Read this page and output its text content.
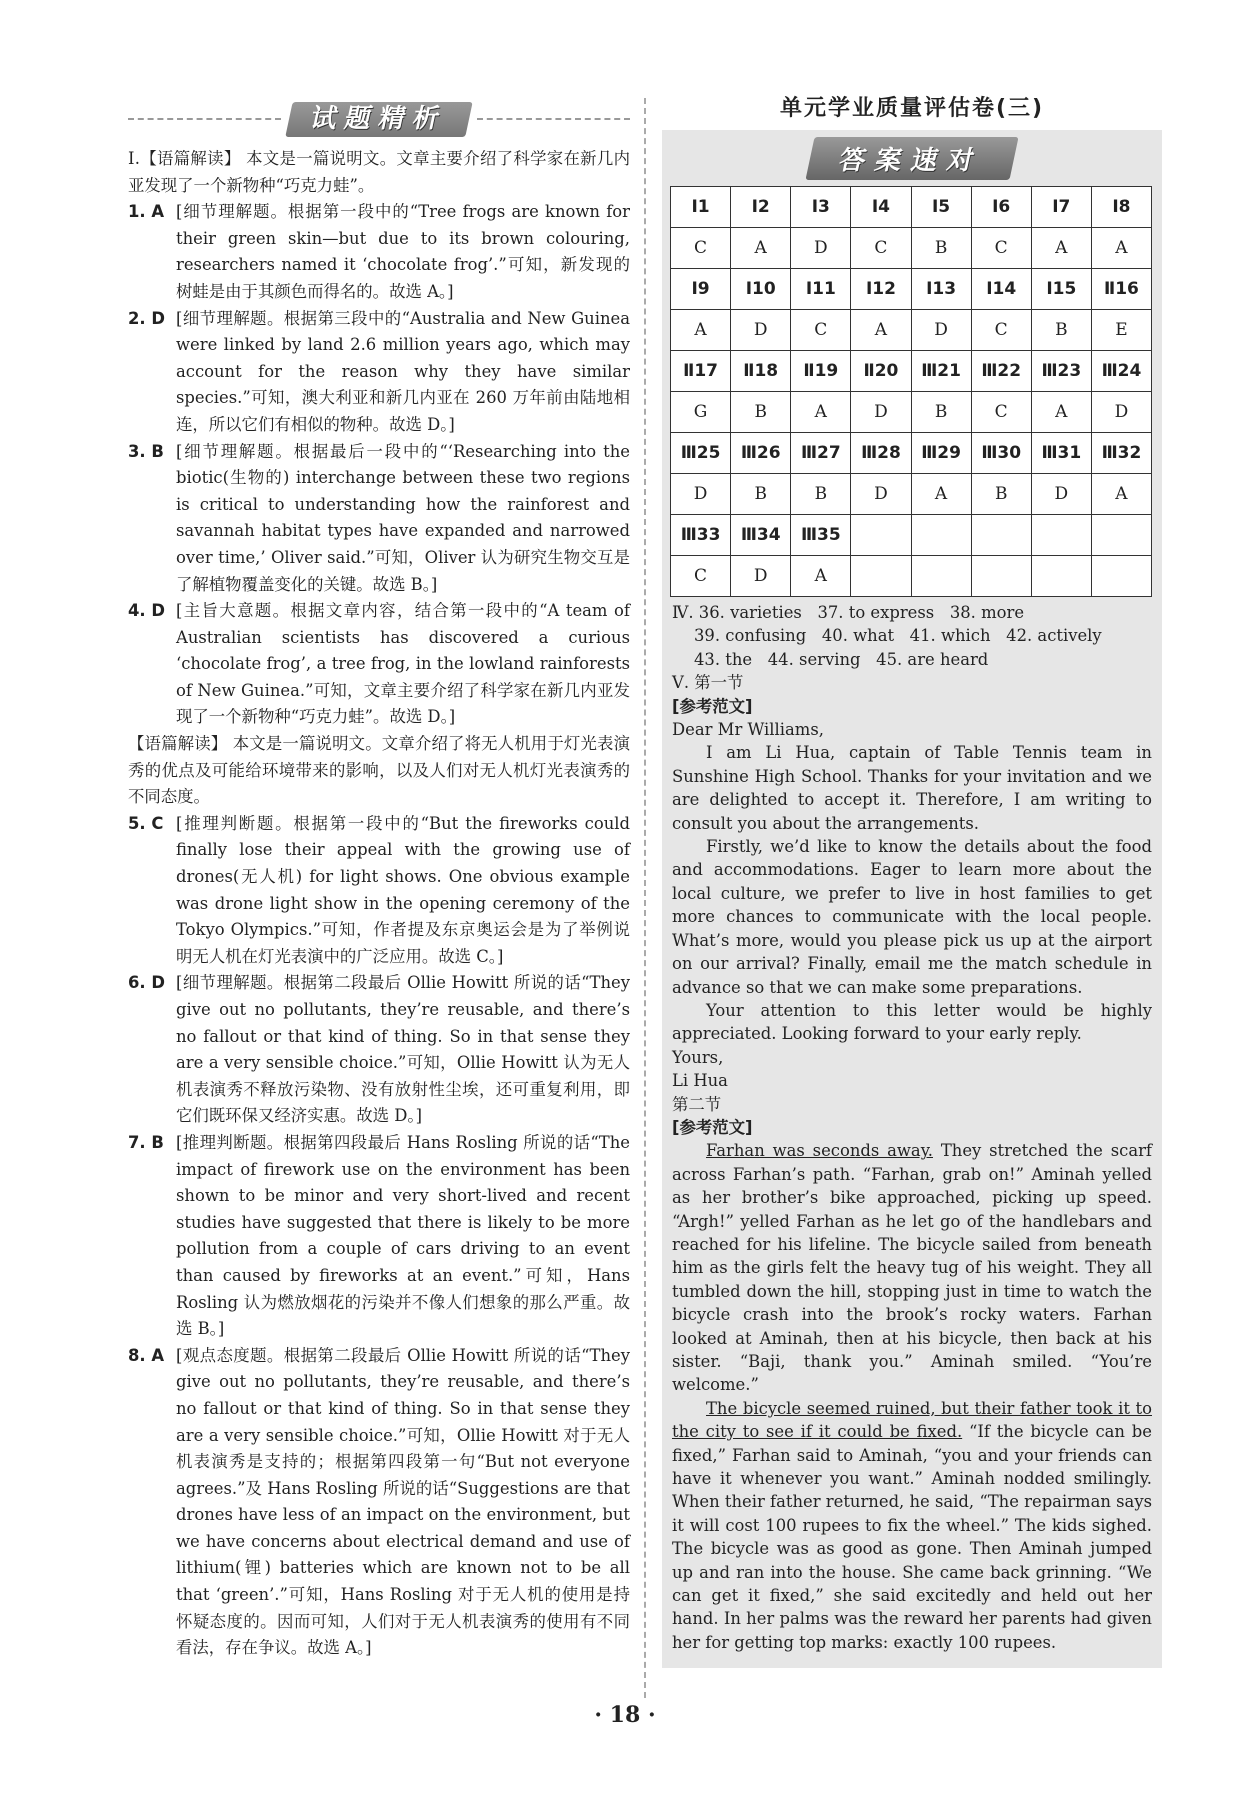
试题精析

Ⅰ.【语篇解读】 本文是一篇说明文。文章主要介绍了科学家在新几内亚发现了一个新物种“巧克力蛙”。

1. A [细节理解题。根据第一段中的“Tree frogs are known for their green skin—but due to its brown colouring, researchers named it ‘chocolate frog’.”可知，新发现的树蛙是由于其颜色而得名的。故选 A。]
2. D [细节理解题。根据第三段中的“Australia and New Guinea were linked by land 2.6 million years ago, which may account for the reason why they have similar species.”可知，澳大利亚和新几内亚在 260 万年前由陆地相连，所以它们有相似的物种。故选 D。]
3. B [细节理解题。根据最后一段中的“‘Researching into the biotic(生物的) interchange between these two regions is critical to understanding how the rainforest and savannah habitat types have expanded and narrowed over time,’ Oliver said.”可知，Oliver 认为研究生物交互是了解植物覆盖变化的关键。故选 B。]
4. D [主旨大意题。根据文章内容，结合第一段中的“A team of Australian scientists has discovered a curious ‘chocolate frog’, a tree frog, in the lowland rainforests of New Guinea.”可知，文章主要介绍了科学家在新几内亚发现了一个新物种“巧克力蛙”。故选 D。]

【语篇解读】 本文是一篇说明文。文章介绍了将无人机用于灯光表演秀的优点及可能给环境带来的影响，以及人们对无人机灯光表演秀的不同态度。

5. C [推理判断题。根据第一段中的“But the fireworks could finally lose their appeal with the growing use of drones(无人机) for light shows. One obvious example was drone light show in the opening ceremony of the Tokyo Olympics.”可知，作者提及东京奥运会是为了举例说明无人机在灯光表演中的广泛应用。故选 C。]
6. D [细节理解题。根据第二段最后 Ollie Howitt 所说的话“They give out no pollutants, they’re reusable, and there’s no fallout or that kind of thing. So in that sense they are a very sensible choice.”可知，Ollie Howitt 认为无人机表演秀不释放污染物、没有放射性尘埃，还可重复利用，即它们既环保又经济实惠。故选 D。]
7. B [推理判断题。根据第四段最后 Hans Rosling 所说的话“The impact of firework use on the environment has been shown to be minor and very short-lived and recent studies have suggested that there is likely to be more pollution from a couple of cars driving to an event than caused by fireworks at an event.”可知，Hans Rosling 认为燃放烟花的污染并不像人们想象的那么严重。故选 B。]
8. A [观点态度题。根据第二段最后 Ollie Howitt 所说的话“They give out no pollutants, they’re reusable, and there’s no fallout or that kind of thing. So in that sense they are a very sensible choice.”可知，Ollie Howitt 对于无人机表演秀是支持的；根据第四段第一句“But not everyone agrees.”及 Hans Rosling 所说的话“Suggestions are that drones have less of an impact on the environment, but we have concerns about electrical demand and use of lithium(锂) batteries which are known not to be all that ‘green’.”可知，Hans Rosling 对于无人机的使用是持怀疑态度的。因而可知，人们对于无人机表演秀的使用有不同看法，存在争议。故选 A。]
单元学业质量评估卷(三)
答案速对
Ⅰ1	Ⅰ2	Ⅰ3	Ⅰ4	Ⅰ5	Ⅰ6	Ⅰ7	Ⅰ8
C	A	D	C	B	C	A	A
Ⅰ9	Ⅰ10	Ⅰ11	Ⅰ12	Ⅰ13	Ⅰ14	Ⅰ15	Ⅱ16
A	D	C	A	D	C	B	E
Ⅱ17	Ⅱ18	Ⅱ19	Ⅱ20	Ⅲ21	Ⅲ22	Ⅲ23	Ⅲ24
G	B	A	D	B	C	A	D
Ⅲ25	Ⅲ26	Ⅲ27	Ⅲ28	Ⅲ29	Ⅲ30	Ⅲ31	Ⅲ32
D	B	B	D	A	B	D	A
Ⅲ33	Ⅲ34	Ⅲ35					
C	D	A					

Ⅳ. 36. varieties   37. to express   38. more

39. confusing   40. what   41. which   42. actively

43. the   44. serving   45. are heard

Ⅴ. 第一节

[参考范文]

Dear Mr Williams,

I am Li Hua, captain of Table Tennis team in Sunshine High School. Thanks for your invitation and we are delighted to accept it. Therefore, I am writing to consult you about the arrangements.

Firstly, we’d like to know the details about the food and accommodations. Eager to learn more about the local culture, we prefer to live in host families to get more chances to communicate with the local people. What’s more, would you please pick us up at the airport on our arrival? Finally, email me the match schedule in advance so that we can make some preparations.

Your attention to this letter would be highly appreciated. Looking forward to your early reply.

Yours,

Li Hua

第二节

[参考范文]

Farhan was seconds away. They stretched the scarf across Farhan’s path. “Farhan, grab on!” Aminah yelled as her brother’s bike approached, picking up speed. “Argh!” yelled Farhan as he let go of the handlebars and reached for his lifeline. The bicycle sailed from beneath him as the girls felt the heavy tug of his weight. They all tumbled down the hill, stopping just in time to watch the bicycle crash into the brook’s rocky waters. Farhan looked at Aminah, then at his bicycle, then back at his sister. “Baji, thank you.” Aminah smiled. “You’re welcome.”

The bicycle seemed ruined, but their father took it to the city to see if it could be fixed. “If the bicycle can be fixed,” Farhan said to Aminah, “you and your friends can have it whenever you want.” Aminah nodded smilingly. When their father returned, he said, “The repairman says it will cost 100 rupees to fix the wheel.” The kids sighed. The bicycle was as good as gone. Then Aminah jumped up and ran into the house. She came back grinning. “We can get it fixed,” she said excitedly and held out her hand. In her palms was the reward her parents had given her for getting top marks: exactly 100 rupees.

· 18 ·
